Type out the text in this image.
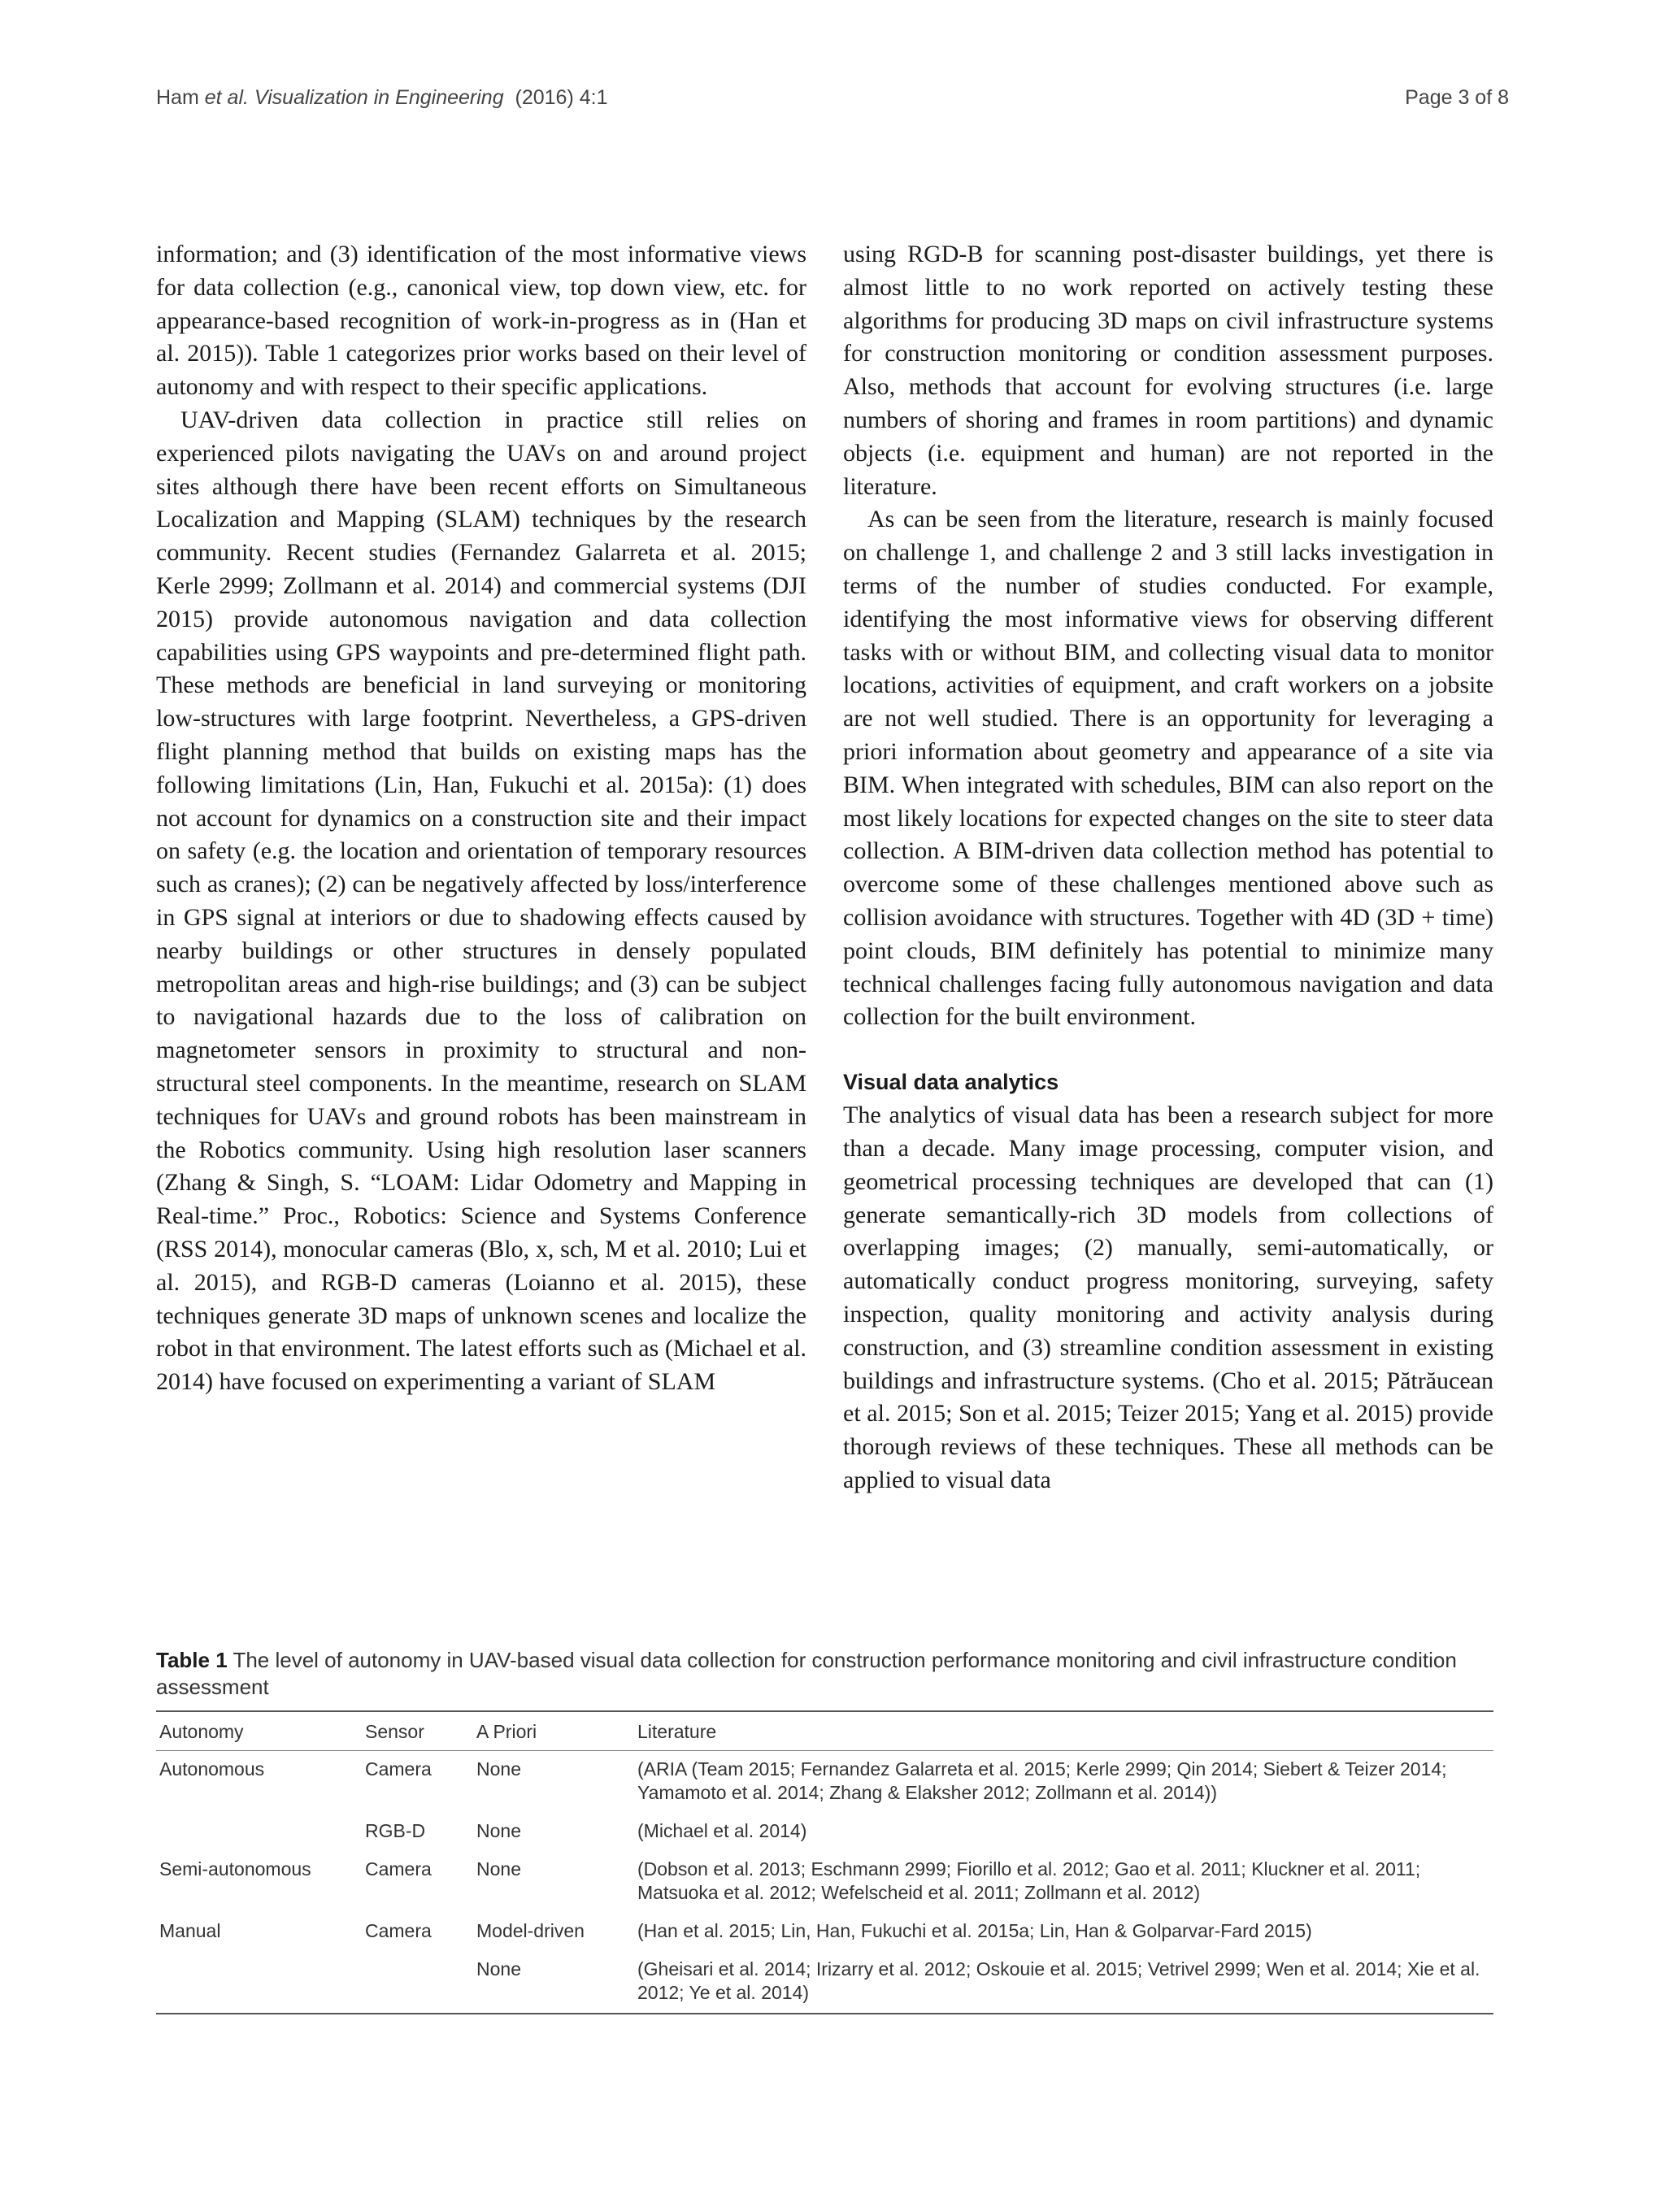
Ham et al. Visualization in Engineering (2016) 4:1	Page 3 of 8

information; and (3) identification of the most informative views for data collection (e.g., canonical view, top down view, etc. for appearance-based recognition of work-in-progress as in (Han et al. 2015)). Table 1 categorizes prior works based on their level of autonomy and with respect to their specific applications.

UAV-driven data collection in practice still relies on experienced pilots navigating the UAVs on and around project sites although there have been recent efforts on Simultaneous Localization and Mapping (SLAM) techniques by the research community. Recent studies (Fernandez Galarreta et al. 2015; Kerle 2999; Zollmann et al. 2014) and commercial systems (DJI 2015) provide autonomous navigation and data collection capabilities using GPS waypoints and pre-determined flight path. These methods are beneficial in land surveying or monitoring low-structures with large footprint. Nevertheless, a GPS-driven flight planning method that builds on existing maps has the following limitations (Lin, Han, Fukuchi et al. 2015a): (1) does not account for dynamics on a construction site and their impact on safety (e.g. the location and orientation of temporary resources such as cranes); (2) can be negatively affected by loss/interference in GPS signal at interiors or due to shadowing effects caused by nearby buildings or other structures in densely populated metropolitan areas and high-rise buildings; and (3) can be subject to navigational hazards due to the loss of calibration on magnetometer sensors in proximity to structural and non-structural steel components. In the meantime, research on SLAM techniques for UAVs and ground robots has been mainstream in the Robotics community. Using high resolution laser scanners (Zhang & Singh, S. “LOAM: Lidar Odometry and Mapping in Real-time.” Proc., Robotics: Science and Systems Conference (RSS 2014), monocular cameras (Blo, x, sch, M et al. 2010; Lui et al. 2015), and RGB-D cameras (Loianno et al. 2015), these techniques generate 3D maps of unknown scenes and localize the robot in that environment. The latest efforts such as (Michael et al. 2014) have focused on experimenting a variant of SLAM

using RGD-B for scanning post-disaster buildings, yet there is almost little to no work reported on actively testing these algorithms for producing 3D maps on civil infrastructure systems for construction monitoring or condition assessment purposes. Also, methods that account for evolving structures (i.e. large numbers of shoring and frames in room partitions) and dynamic objects (i.e. equipment and human) are not reported in the literature.

As can be seen from the literature, research is mainly focused on challenge 1, and challenge 2 and 3 still lacks investigation in terms of the number of studies conducted. For example, identifying the most informative views for observing different tasks with or without BIM, and collecting visual data to monitor locations, activities of equipment, and craft workers on a jobsite are not well studied. There is an opportunity for leveraging a priori information about geometry and appearance of a site via BIM. When integrated with schedules, BIM can also report on the most likely locations for expected changes on the site to steer data collection. A BIM-driven data collection method has potential to overcome some of these challenges mentioned above such as collision avoidance with structures. Together with 4D (3D + time) point clouds, BIM definitely has potential to minimize many technical challenges facing fully autonomous navigation and data collection for the built environment.

Visual data analytics

The analytics of visual data has been a research subject for more than a decade. Many image processing, computer vision, and geometrical processing techniques are developed that can (1) generate semantically-rich 3D models from collections of overlapping images; (2) manually, semi-automatically, or automatically conduct progress monitoring, surveying, safety inspection, quality monitoring and activity analysis during construction, and (3) streamline condition assessment in existing buildings and infrastructure systems. (Cho et al. 2015; Pătrăucean et al. 2015; Son et al. 2015; Teizer 2015; Yang et al. 2015) provide thorough reviews of these techniques. These all methods can be applied to visual data

Table 1 The level of autonomy in UAV-based visual data collection for construction performance monitoring and civil infrastructure condition assessment
Autonomy	Sensor	A Priori	Literature
Autonomous	Camera	None	(ARIA (Team 2015; Fernandez Galarreta et al. 2015; Kerle 2999; Qin 2014; Siebert & Teizer 2014; Yamamoto et al. 2014; Zhang & Elaksher 2012; Zollmann et al. 2014))
	RGB-D	None	(Michael et al. 2014)
Semi-autonomous	Camera	None	(Dobson et al. 2013; Eschmann 2999; Fiorillo et al. 2012; Gao et al. 2011; Kluckner et al. 2011; Matsuoka et al. 2012; Wefelscheid et al. 2011; Zollmann et al. 2012)
Manual	Camera	Model-driven	(Han et al. 2015; Lin, Han, Fukuchi et al. 2015a; Lin, Han & Golparvar-Fard 2015)
		None	(Gheisari et al. 2014; Irizarry et al. 2012; Oskouie et al. 2015; Vetrivel 2999; Wen et al. 2014; Xie et al. 2012; Ye et al. 2014)
